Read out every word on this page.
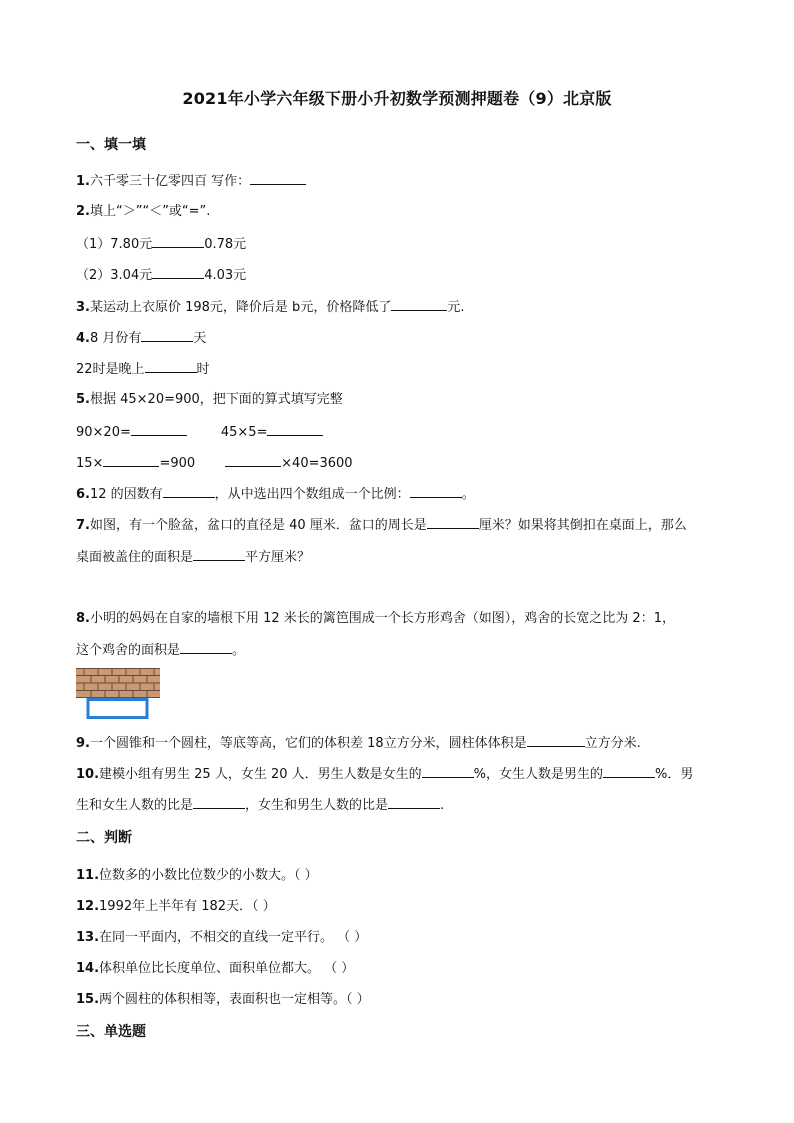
2021年小学六年级下册小升初数学预测押题卷（9）北京版
一、填一填
1.六千零三十亿零四百 写作：
2.填上“＞”“＜”或“=”.
（1）7.80元	0.78元
（2）3.04元	4.03元
3.某运动上衣原价 198元，降价后是 b元，价格降低了	元.
4.8 月份有	天
22时是晚上	时
5.根据 45×20=900，把下面的算式填写完整
90×20=	45×5=
15×	=900	×40=3600
6.12 的因数有	，从中选出四个数组成一个比例：	。
7.如图，有一个脸盆，盆口的直径是 40 厘米．盆口的周长是	厘米？如果将其倒扣在桌面上，那么
桌面被盖住的面积是	平方厘米？
8.小明的妈妈在自家的墙根下用 12 米长的篱笆围成一个长方形鸡舍（如图），鸡舍的长宽之比为 2：1，
这个鸡舍的面积是	。
9.一个圆锥和一个圆柱，等底等高，它们的体积差 18立方分米，圆柱体体积是	立方分米.
10.建模小组有男生 25 人，女生 20 人．男生人数是女生的	%，女生人数是男生的	%．男
生和女生人数的比是	，女生和男生人数的比是	.
二、判断
11.位数多的小数比位数少的小数大。（ ）
12.1992年上半年有 182天．（ ）
13.在同一平面内，不相交的直线一定平行。 （ ）
14.体积单位比长度单位、面积单位都大。 （ ）
15.两个圆柱的体积相等，表面积也一定相等。（ ）
三、单选题
